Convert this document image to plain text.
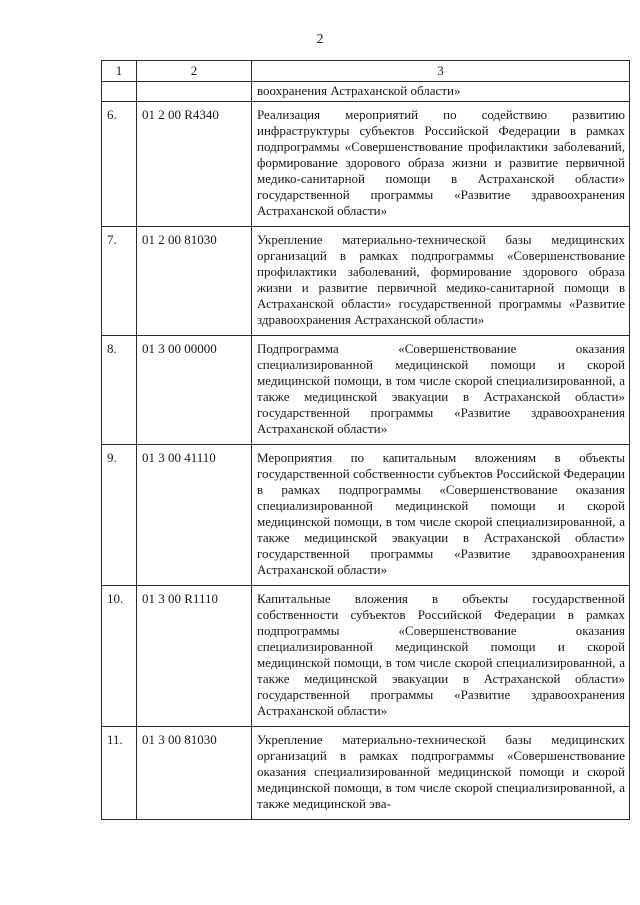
2
1	2	3
		воохранения Астраханской области»
6.	01 2 00 R4340	Реализация мероприятий по содействию развитию инфраструктуры субъектов Российской Федерации в рамках подпрограммы «Совершенствование профилактики заболеваний, формирование здорового образа жизни и развитие первичной медико-санитарной помощи в Астраханской области» государственной программы «Развитие здравоохранения Астраханской области»
7.	01 2 00 81030	Укрепление материально-технической базы медицинских организаций в рамках подпрограммы «Совершенствование профилактики заболеваний, формирование здорового образа жизни и развитие первичной медико-санитарной помощи в Астраханской области» государственной программы «Развитие здравоохранения Астраханской области»
8.	01 3 00 00000	Подпрограмма «Совершенствование оказания специализированной медицинской помощи и скорой медицинской помощи, в том числе скорой специализированной, а также медицинской эвакуации в Астраханской области» государственной программы «Развитие здравоохранения Астраханской области»
9.	01 3 00 41110	Мероприятия по капитальным вложениям в объекты государственной собственности субъектов Российской Федерации в рамках подпрограммы «Совершенствование оказания специализированной медицинской помощи и скорой медицинской помощи, в том числе скорой специализированной, а также медицинской эвакуации в Астраханской области» государственной программы «Развитие здравоохранения Астраханской области»
10.	01 3 00 R1110	Капитальные вложения в объекты государственной собственности субъектов Российской Федерации в рамках подпрограммы «Совершенствование оказания специализированной медицинской помощи и скорой медицинской помощи, в том числе скорой специализированной, а также медицинской эвакуации в Астраханской области» государственной программы «Развитие здравоохранения Астраханской области»
11.	01 3 00 81030	Укрепление материально-технической базы медицинских организаций в рамках подпрограммы «Совершенствование оказания специализированной медицинской помощи и скорой медицинской помощи, в том числе скорой специализированной, а также медицинской эва-
